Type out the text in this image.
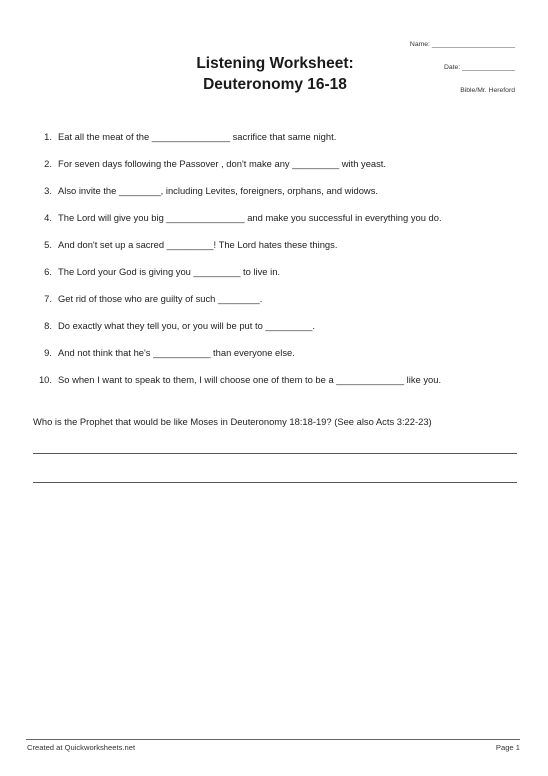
Listening Worksheet:
Deuteronomy 16-18
Name: ______________________
Date: ______________
Bible/Mr. Hereford
1. Eat all the meat of the _______________ sacrifice that same night.
2. For seven days following the Passover , don't make any _________ with yeast.
3. Also invite the ________, including Levites, foreigners, orphans, and widows.
4. The Lord will give you big _______________ and make you successful in everything you do.
5. And don't set up a sacred _________! The Lord hates these things.
6. The Lord your God is giving you _________ to live in.
7. Get rid of those who are guilty of such ________.
8. Do exactly what they tell you, or you will be put to _________.
9. And not think that he's ___________ than everyone else.
10. So when I want to speak to them, I will choose one of them to be a _____________ like you.
Who is the Prophet that would be like Moses in Deuteronomy 18:18-19? (See also Acts 3:22-23)
Created at Quickworksheets.net	Page 1
